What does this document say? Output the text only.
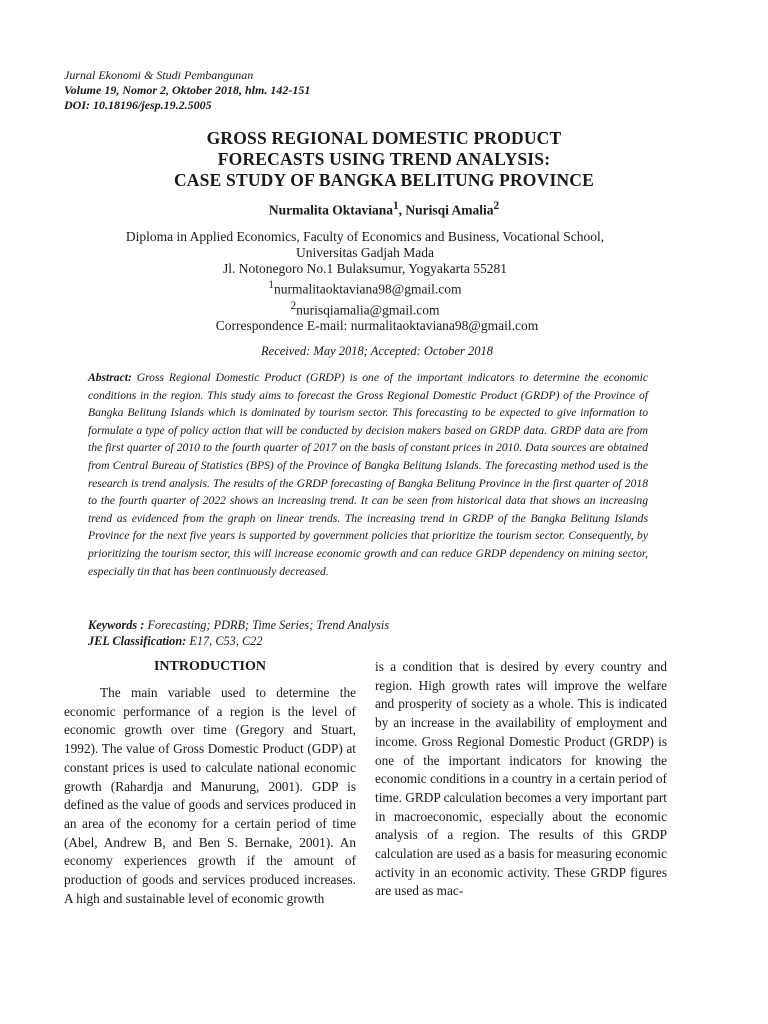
Jurnal Ekonomi & Studi Pembangunan
Volume 19, Nomor 2, Oktober 2018, hlm. 142-151
DOI: 10.18196/jesp.19.2.5005
GROSS REGIONAL DOMESTIC PRODUCT
FORECASTS USING TREND ANALYSIS:
CASE STUDY OF BANGKA BELITUNG PROVINCE
Nurmalita Oktaviana$^1$, Nurisqi Amalia$^2$
Diploma in Applied Economics, Faculty of Economics and Business, Vocational School,
Universitas Gadjah Mada
Jl. Notonegoro No.1 Bulaksumur, Yogyakarta 55281
$^1$nurmalitaoktaviana98@gmail.com
$^2$nurisqiamalia@gmail.com
Correspondence E-mail: nurmalitaoktaviana98@gmail.com
Received: May 2018; Accepted: October 2018

Abstract: Gross Regional Domestic Product (GRDP) is one of the important indicators to determine the economic conditions in the region. This study aims to forecast the Gross Regional Domestic Product (GRDP) of the Province of Bangka Belitung Islands which is dominated by tourism sector. This forecasting to be expected to give information to formulate a type of policy action that will be conducted by decision makers based on GRDP data. GRDP data are from the first quarter of 2010 to the fourth quarter of 2017 on the basis of constant prices in 2010. Data sources are obtained from Central Bureau of Statistics (BPS) of the Province of Bangka Belitung Islands. The forecasting method used is the research is trend analysis. The results of the GRDP forecasting of Bangka Belitung Province in the first quarter of 2018 to the fourth quarter of 2022 shows an increasing trend. It can be seen from historical data that shows an increasing trend as evidenced from the graph on linear trends. The increasing trend in GRDP of the Bangka Belitung Islands Province for the next five years is supported by government policies that prioritize the tourism sector. Consequently, by prioritizing the tourism sector, this will increase economic growth and can reduce GRDP dependency on mining sector, especially tin that has been continuously decreased.

Keywords : Forecasting; PDRB; Time Series; Trend Analysis
JEL Classification: E17, C53, C22
INTRODUCTION

The main variable used to determine the economic performance of a region is the level of economic growth over time (Gregory and Stuart, 1992). The value of Gross Domestic Product (GDP) at constant prices is used to calculate national economic growth (Rahardja and Manurung, 2001). GDP is defined as the value of goods and services produced in an area of the economy for a certain period of time (Abel, Andrew B, and Ben S. Bernake, 2001). An economy experiences growth if the amount of production of goods and services produced increases. A high and sustainable level of economic growth

is a condition that is desired by every country and region. High growth rates will improve the welfare and prosperity of society as a whole. This is indicated by an increase in the availability of employment and income. Gross Regional Domestic Product (GRDP) is one of the important indicators for knowing the economic conditions in a country in a certain period of time. GRDP calculation becomes a very important part in macroeconomic, especially about the economic analysis of a region. The results of this GRDP calculation are used as a basis for measuring economic activity in an economic activity. These GRDP figures are used as mac-
